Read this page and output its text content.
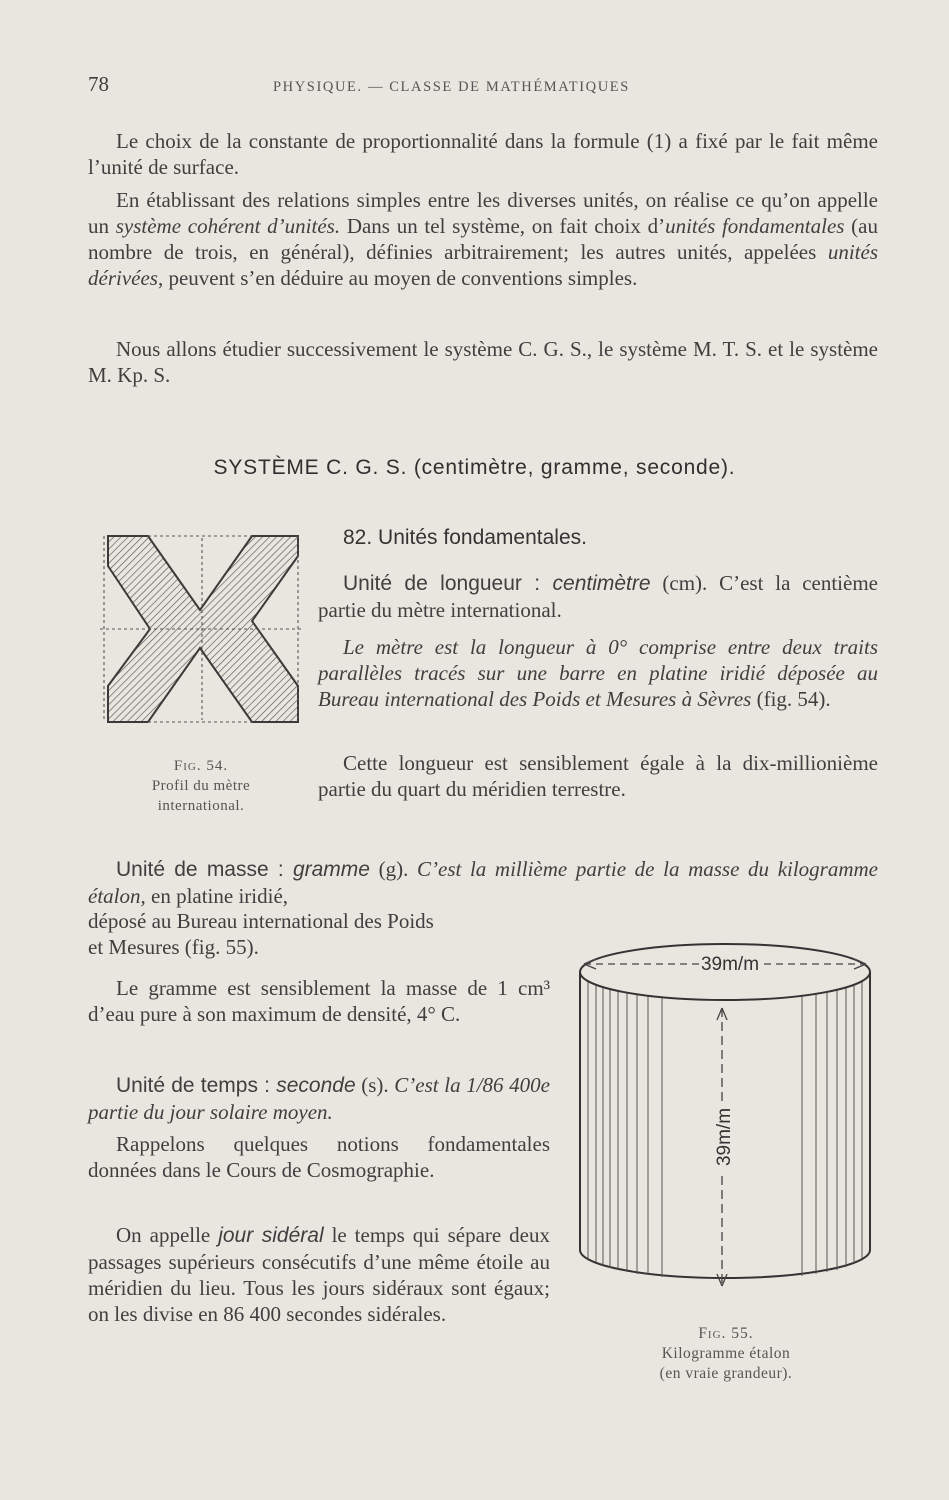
78	PHYSIQUE. — CLASSE DE MATHÉMATIQUES

Le choix de la constante de proportionnalité dans la formule (1) a fixé par le fait même l’unité de surface.

En établissant des relations simples entre les diverses unités, on réalise ce qu’on appelle un système cohérent d’unités. Dans un tel système, on fait choix d’unités fondamentales (au nombre de trois, en général), définies arbitrairement; les autres unités, appelées unités dérivées, peuvent s’en déduire au moyen de conventions simples.

Nous allons étudier successivement le système C. G. S., le système M. T. S. et le système M. Kp. S.

SYSTÈME C. G. S. (centimètre, gramme, seconde).
Fig. 54.
Profil du mètre
international.
82. Unités fondamentales.

Unité de longueur : centimètre (cm). C’est la centième partie du mètre international.

Le mètre est la longueur à 0° comprise entre deux traits parallèles tracés sur une barre en platine iridié déposée au Bureau international des Poids et Mesures à Sèvres (fig. 54).

Cette longueur est sensiblement égale à la dix-millionième partie du quart du méridien terrestre.

Unité de masse : gramme (g). C’est la millième partie de la masse du kilogramme étalon, en platine iridié,

déposé au Bureau international des Poids

et Mesures (fig. 55).

Le gramme est sensiblement la masse de 1 cm³ d’eau pure à son maximum de densité, 4° C.

Unité de temps : seconde (s). C’est la 1/86 400e partie du jour solaire moyen.

Rappelons quelques notions fondamentales données dans le Cours de Cosmographie.

On appelle jour sidéral le temps qui sépare deux passages supérieurs consécutifs d’une même étoile au méridien du lieu. Tous les jours sidéraux sont égaux; on les divise en 86 400 secondes sidérales.

39m/m
39m/m
Fig. 55.
Kilogramme étalon
(en vraie grandeur).
